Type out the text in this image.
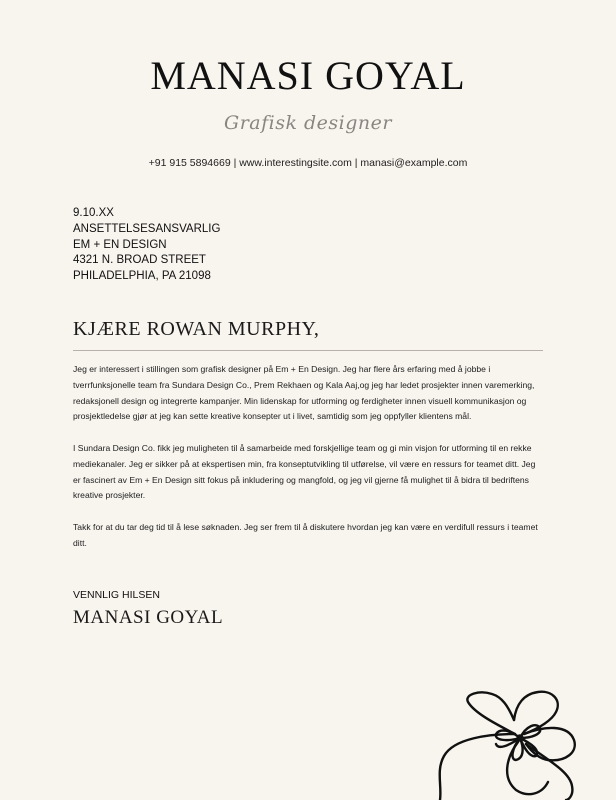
MANASI GOYAL
Grafisk designer
+91 915 5894669 | www.interestingsite.com | manasi@example.com
9.10.XX
ANSETTELSESANSVARLIG
EM + EN DESIGN
4321 N. BROAD STREET
PHILADELPHIA, PA 21098
KJÆRE ROWAN MURPHY,

Jeg er interessert i stillingen som grafisk designer på Em + En Design. Jeg har flere års erfaring med å jobbe i tverrfunksjonelle team fra Sundara Design Co., Prem Rekhaen og Kala Aaj,og jeg har ledet prosjekter innen varemerking, redaksjonell design og integrerte kampanjer. Min lidenskap for utforming og ferdigheter innen visuell kommunikasjon og prosjektledelse gjør at jeg kan sette kreative konsepter ut i livet, samtidig som jeg oppfyller klientens mål.

I Sundara Design Co. fikk jeg muligheten til å samarbeide med forskjellige team og gi min visjon for utforming til en rekke mediekanaler. Jeg er sikker på at ekspertisen min, fra konseptutvikling til utførelse, vil være en ressurs for teamet ditt. Jeg er fascinert av Em + En Design sitt fokus på inkludering og mangfold, og jeg vil gjerne få mulighet til å bidra til bedriftens kreative prosjekter.

Takk for at du tar deg tid til å lese søknaden. Jeg ser frem til å diskutere hvordan jeg kan være en verdifull ressurs i teamet ditt.

VENNLIG HILSEN
MANASI GOYAL
